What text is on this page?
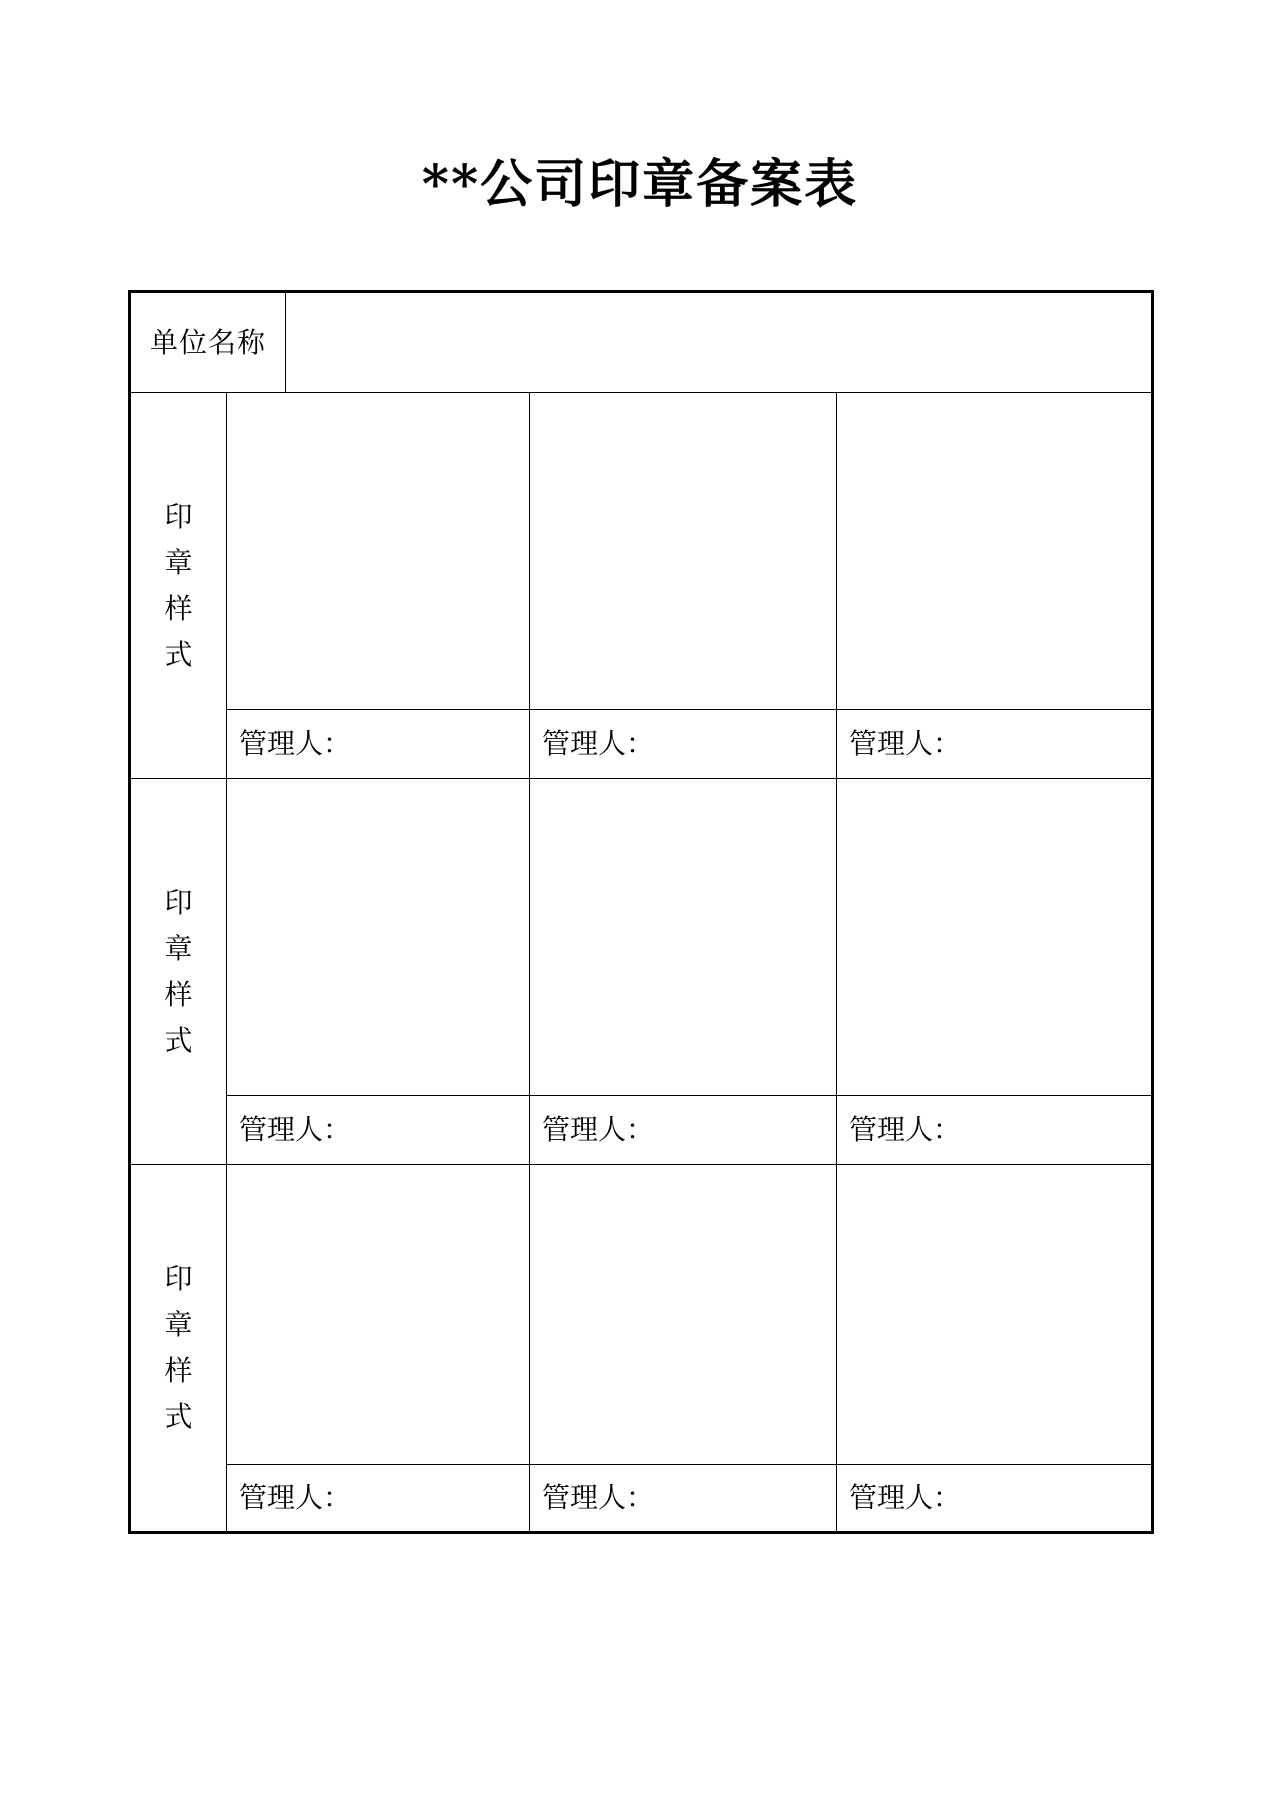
**公司印章备案表
单位名称
印
章
样
式
管理人：	管理人：	管理人：
印
章
样
式
管理人：	管理人：	管理人：
印
章
样
式
管理人：	管理人：	管理人：
